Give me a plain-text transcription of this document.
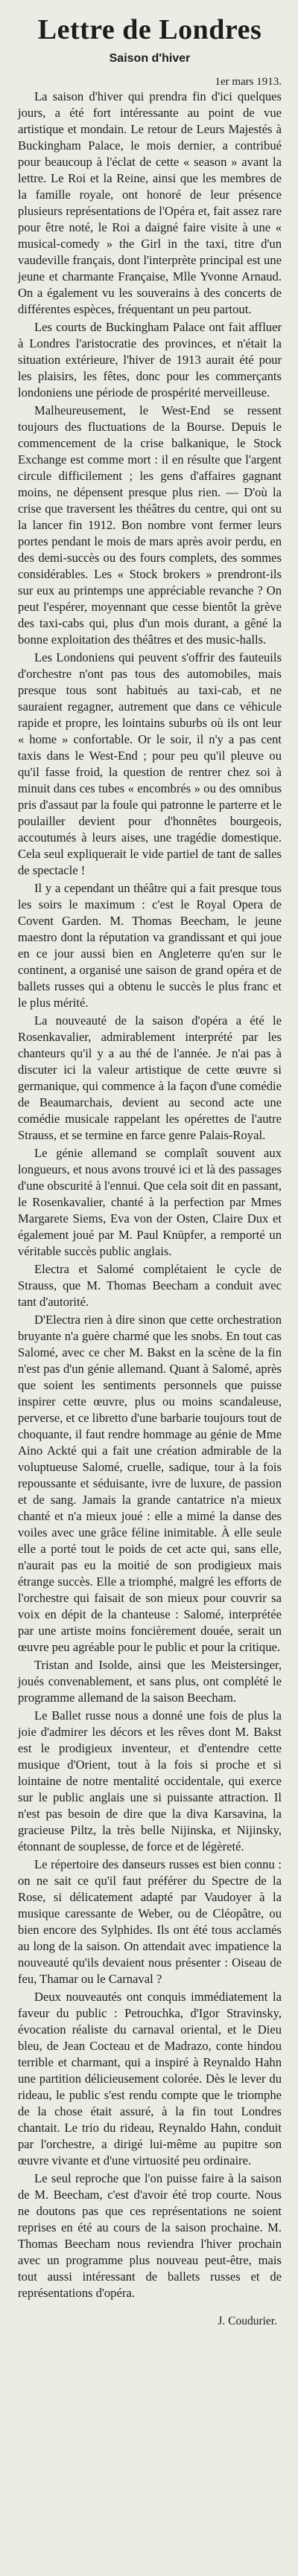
Lettre de Londres
Saison d'hiver
1er mars 1913.

La saison d'hiver qui prendra fin d'ici quelques jours, a été fort intéressante au point de vue artistique et mondain. Le retour de Leurs Majestés à Buckingham Palace, le mois dernier, a contribué pour beaucoup à l'éclat de cette « season » avant la lettre. Le Roi et la Reine, ainsi que les membres de la famille royale, ont honoré de leur présence plusieurs représentations de l'Opéra et, fait assez rare pour être noté, le Roi a daigné faire visite à une « musical-comedy » the Girl in the taxi, titre d'un vaudeville français, dont l'interprète principal est une jeune et charmante Française, Mlle Yvonne Arnaud. On a également vu les souverains à des concerts de différentes espèces, fréquentant un peu partout.

Les courts de Buckingham Palace ont fait affluer à Londres l'aristocratie des provinces, et n'était la situation extérieure, l'hiver de 1913 aurait été pour les plaisirs, les fêtes, donc pour les commerçants londoniens une période de prospérité merveilleuse.

Malheureusement, le West-End se ressent toujours des fluctuations de la Bourse. Depuis le commencement de la crise balkanique, le Stock Exchange est comme mort : il en résulte que l'argent circule difficilement ; les gens d'affaires gagnant moins, ne dépensent presque plus rien. — D'où la crise que traversent les théâtres du centre, qui ont su la lancer fin 1912. Bon nombre vont fermer leurs portes pendant le mois de mars après avoir perdu, en des demi-succès ou des fours complets, des sommes considérables. Les « Stock brokers » prendront-ils sur eux au printemps une appréciable revanche ? On peut l'espérer, moyennant que cesse bientôt la grève des taxi-cabs qui, plus d'un mois durant, a gêné la bonne exploitation des théâtres et des music-halls.

Les Londoniens qui peuvent s'offrir des fauteuils d'orchestre n'ont pas tous des automobiles, mais presque tous sont habitués au taxi-cab, et ne sauraient regagner, autrement que dans ce véhicule rapide et propre, les lointains suburbs où ils ont leur « home » confortable. Or le soir, il n'y a pas cent taxis dans le West-End ; pour peu qu'il pleuve ou qu'il fasse froid, la question de rentrer chez soi à minuit dans ces tubes « encombrés » ou des omnibus pris d'assaut par la foule qui patronne le parterre et le poulailler devient pour d'honnêtes bourgeois, accoutumés à leurs aises, une tragédie domestique. Cela seul expliquerait le vide partiel de tant de salles de spectacle !

Il y a cependant un théâtre qui a fait presque tous les soirs le maximum : c'est le Royal Opera de Covent Garden. M. Thomas Beecham, le jeune maestro dont la réputation va grandissant et qui joue en ce jour aussi bien en Angleterre qu'en sur le continent, a organisé une saison de grand opéra et de ballets russes qui a obtenu le succès le plus franc et le plus mérité.

La nouveauté de la saison d'opéra a été le Rosenkavalier, admirablement interprété par les chanteurs qu'il y a au thé de l'année. Je n'ai pas à discuter ici la valeur artistique de cette œuvre si germanique, qui commence à la façon d'une comédie de Beaumarchais, devient au second acte une comédie musicale rappelant les opérettes de l'autre Strauss, et se termine en farce genre Palais-Royal.

Le génie allemand se complaît souvent aux longueurs, et nous avons trouvé ici et là des passages d'une obscurité à l'ennui. Que cela soit dit en passant, le Rosenkavalier, chanté à la perfection par Mmes Margarete Siems, Eva von der Osten, Claire Dux et également joué par M. Paul Knüpfer, a remporté un véritable succès public anglais.

Electra et Salomé complétaient le cycle de Strauss, que M. Thomas Beecham a conduit avec tant d'autorité.

D'Electra rien à dire sinon que cette orchestration bruyante n'a guère charmé que les snobs. En tout cas Salomé, avec ce cher M. Bakst en la scène de la fin n'est pas d'un génie allemand. Quant à Salomé, après que soient les sentiments personnels que puisse inspirer cette œuvre, plus ou moins scandaleuse, perverse, et ce libretto d'une barbarie toujours tout de choquante, il faut rendre hommage au génie de Mme Aino Ackté qui a fait une création admirable de la voluptueuse Salomé, cruelle, sadique, tour à la fois repoussante et séduisante, ivre de luxure, de passion et de sang. Jamais la grande cantatrice n'a mieux chanté et n'a mieux joué : elle a mimé la danse des voiles avec une grâce féline inimitable. À elle seule elle a porté tout le poids de cet acte qui, sans elle, n'aurait pas eu la moitié de son prodigieux mais étrange succès. Elle a triomphé, malgré les efforts de l'orchestre qui faisait de son mieux pour couvrir sa voix en dépit de la chanteuse : Salomé, interprétée par une artiste moins foncièrement douée, serait un œuvre peu agréable pour le public et pour la critique.

Tristan and Isolde, ainsi que les Meistersinger, joués convenablement, et sans plus, ont complété le programme allemand de la saison Beecham.

Le Ballet russe nous a donné une fois de plus la joie d'admirer les décors et les rêves dont M. Bakst est le prodigieux inventeur, et d'entendre cette musique d'Orient, tout à la fois si proche et si lointaine de notre mentalité occidentale, qui exerce sur le public anglais une si puissante attraction. Il n'est pas besoin de dire que la diva Karsavina, la gracieuse Piltz, la très belle Nijinska, et Nijinsky, étonnant de souplesse, de force et de légèreté.

Le répertoire des danseurs russes est bien connu : on ne sait ce qu'il faut préférer du Spectre de la Rose, si délicatement adapté par Vaudoyer à la musique caressante de Weber, ou de Cléopâtre, ou bien encore des Sylphides. Ils ont été tous acclamés au long de la saison. On attendait avec impatience la nouveauté qu'ils devaient nous présenter : Oiseau de feu, Thamar ou le Carnaval ?

Deux nouveautés ont conquis immédiatement la faveur du public : Petrouchka, d'Igor Stravinsky, évocation réaliste du carnaval oriental, et le Dieu bleu, de Jean Cocteau et de Madrazo, conte hindou terrible et charmant, qui a inspiré à Reynaldo Hahn une partition délicieusement colorée. Dès le lever du rideau, le public s'est rendu compte que le triomphe de la chose était assuré, à la fin tout Londres chantait. Le trio du rideau, Reynaldo Hahn, conduit par l'orchestre, a dirigé lui-même au pupitre son œuvre vivante et d'une virtuosité peu ordinaire.

Le seul reproche que l'on puisse faire à la saison de M. Beecham, c'est d'avoir été trop courte. Nous ne doutons pas que ces représentations ne soient reprises en été au cours de la saison prochaine. M. Thomas Beecham nous reviendra l'hiver prochain avec un programme plus nouveau peut-être, mais tout aussi intéressant de ballets russes et de représentations d'opéra.

J. Coudurier.
